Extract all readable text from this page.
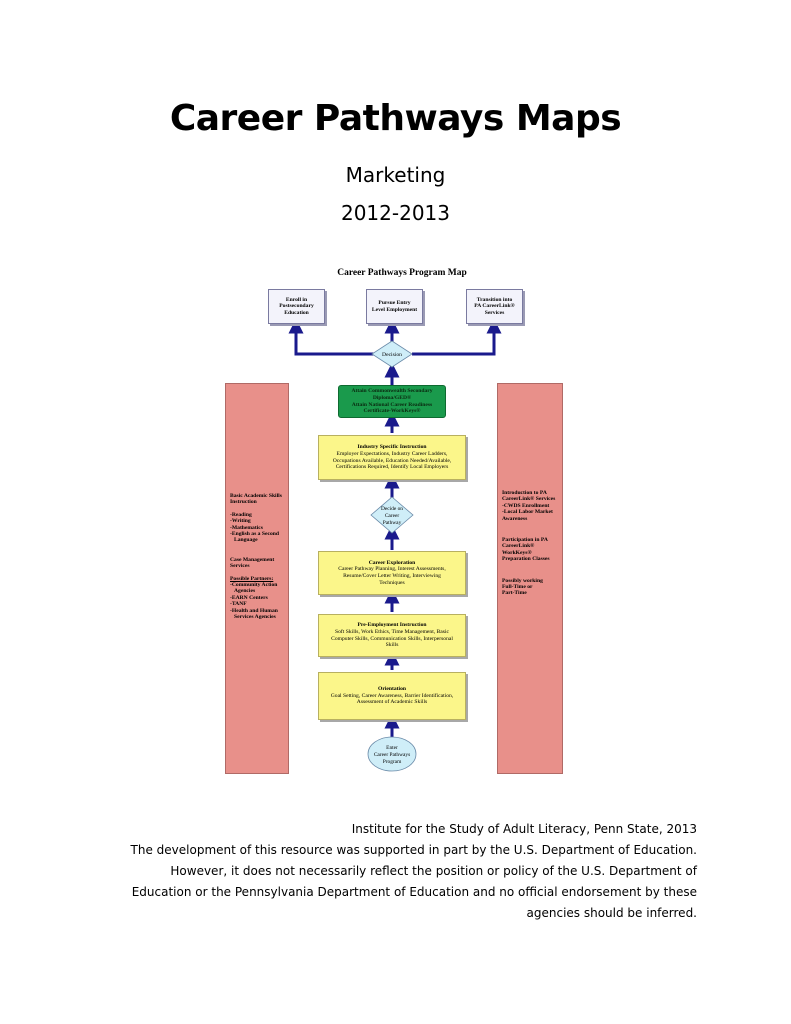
Career Pathways Maps
Marketing
2012-2013
Career Pathways Program Map
Decision
Decide on
Career
Pathway
Enter
Career Pathways
Program
Enroll in
Postsecondary
Education
Pursue Entry
Level Employment
Transition into
PA CareerLink®
Services
Attain Commonwealth Secondary
Diploma/GED®
Attain National Career Readiness
Certificate-WorkKeys®
Industry Specific Instruction
Employer Expectations, Industry Career Ladders,
Occupations Available, Education Needed/Available,
Certifications Required, Identify Local Employers
Career Exploration
Career Pathway Planning, Interest Assessments,
Resume/Cover Letter Writing, Interviewing
Techniques
Pre-Employment Instruction
Soft Skills, Work Ethics, Time Management, Basic
Computer Skills, Communication Skills, Interpersonal
Skills
Orientation
Goal Setting, Career Awareness, Barrier Identification,
Assessment of Academic Skills
Basic Academic Skills
Instruction
-Reading
-Writing
-Mathematics
-English as a Second
Language
Case Management
Services
Possible Partners:
-Community Action
Agencies
-EARN Centers
-TANF
-Health and Human
Services Agencies
Introduction to PA
CareerLink® Services
-CWDS Enrollment
-Local Labor Market
Awareness
Participation in PA
CareerLink®
WorkKeys®
Preparation Classes
Possibly working
Full-Time or
Part-Time
Institute for the Study of Adult Literacy, Penn State, 2013
The development of this resource was supported in part by the U.S. Department of Education.
However, it does not necessarily reflect the position or policy of the U.S. Department of
Education or the Pennsylvania Department of Education and no official endorsement by these
agencies should be inferred.
